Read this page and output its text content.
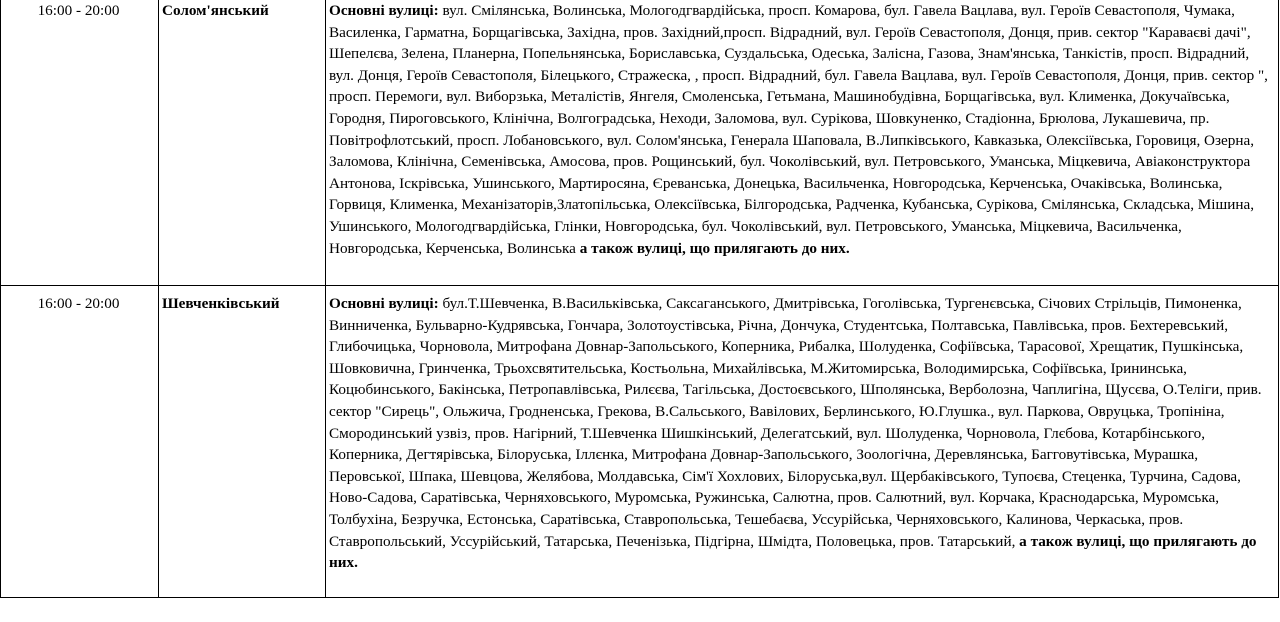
16:00 - 20:00	Солом'янський	Основні вулиці: вул. Смілянська, Волинська, Мологодгвардійська, просп. Комарова, бул. Гавела Вацлава, вул. Героїв Севастополя, Чумака, Василенка, Гарматна, Борщагівська, Західна, пров. Західний,просп. Відрадний, вул. Героїв Севастополя, Донця, прив. сектор "Караваєві дачі", Шепелєва, Зелена, Планерна, Попельнянська, Бориславська, Суздальська, Одеська, Залісна, Газова, Знам'янська, Танкістів, просп. Відрадний, вул. Донця, Героїв Севастополя, Білецького, Стражеска, , просп. Відрадний, бул. Гавела Вацлава, вул. Героїв Севастополя, Донця, прив. сектор ", просп. Перемоги, вул. Виборзька, Металістів, Янгеля, Смоленська, Гетьмана, Машинобудівна, Борщагівська, вул. Клименка, Докучаївська, Городня, Пироговського, Клінічна, Волгоградська, Неходи, Заломова, вул. Сурікова, Шовкуненко, Стадіонна, Брюлова, Лукашевича, пр. Повітрофлотський, просп. Лобановського, вул. Солом'янська, Генерала Шаповала, В.Липківського, Кавказька, Олексіївська, Горовиця, Озерна, Заломова, Клінічна, Семенівська, Амосова, пров. Рощинський, бул. Чоколівський, вул. Петровського, Уманська, Міцкевича, Авіаконструктора Антонова, Іскрівська, Ушинського, Мартиросяна, Єреванська, Донецька, Васильченка, Новгородська, Керченська, Очаківська, Волинська, Горвиця, Клименка, Механізаторів,Златопільська, Олексіївська, Білгородська, Радченка, Кубанська, Сурікова, Смілянська, Складська, Мішина, Ушинського, Мологодгвардійська, Глінки, Новгородська, бул. Чоколівський, вул. Петровського, Уманська, Міцкевича, Васильченка, Новгородська, Керченська, Волинська а також вулиці, що прилягають до них.
16:00 - 20:00	Шевченківський	Основні вулиці: бул.Т.Шевченка, В.Васильківська, Саксаганського, Дмитрівська, Гоголівська, Тургенєвська, Січових Стрільців, Пимоненка, Винниченка, Бульварно-Кудрявська, Гончара, Золотоустівська, Річна, Дончука, Студентська, Полтавська, Павлівська, пров. Бехтеревський, Глибочицька, Чорновола, Митрофана Довнар-Запольського, Коперника, Рибалка, Шолуденка, Софіївська, Тарасової, Хрещатик, Пушкінська, Шовковична, Гринченка, Трьохсвятительська, Костьольна, Михайлівська, М.Житомирська, Володимирська, Софіївська, Ірининська, Коцюбинського, Бакінська, Петропавлівська, Рилєєва, Тагільська, Достоєвського, Шполянська, Верболозна, Чаплигіна, Щусєва, О.Теліги, прив. сектор "Сирець", Ольжича, Гродненська, Грекова, В.Сальського, Вавілових, Берлинського, Ю.Глушка., вул. Паркова, Овруцька, Тропініна, Смородинський узвіз, пров. Нагірний, Т.Шевченка Шишкінський, Делегатський, вул. Шолуденка, Чорновола, Глєбова, Котарбінського, Коперника, Дегтярівська, Білоруська, Іллєнка, Митрофана Довнар-Запольського, Зоологічна, Деревлянська, Багговутівська, Мурашка, Перовської, Шпака, Шевцова, Желябова, Молдавська, Сім'ї Хохлових, Білоруська,вул. Щербаківського, Тупоєва, Стеценка, Турчина, Садова, Ново-Садова, Саратівська, Черняховського, Муромська, Ружинська, Салютна, пров. Салютний, вул. Корчака, Краснодарська, Муромська, Толбухіна, Безручка, Естонська, Саратівська, Ставропольська, Тешебаєва, Уссурійська, Черняховського, Калинова, Черкаська, пров. Ставропольський, Уссурійський, Татарська, Печенізька, Підгірна, Шмідта, Половецька, пров. Татарський, а також вулиці, що прилягають до них.
